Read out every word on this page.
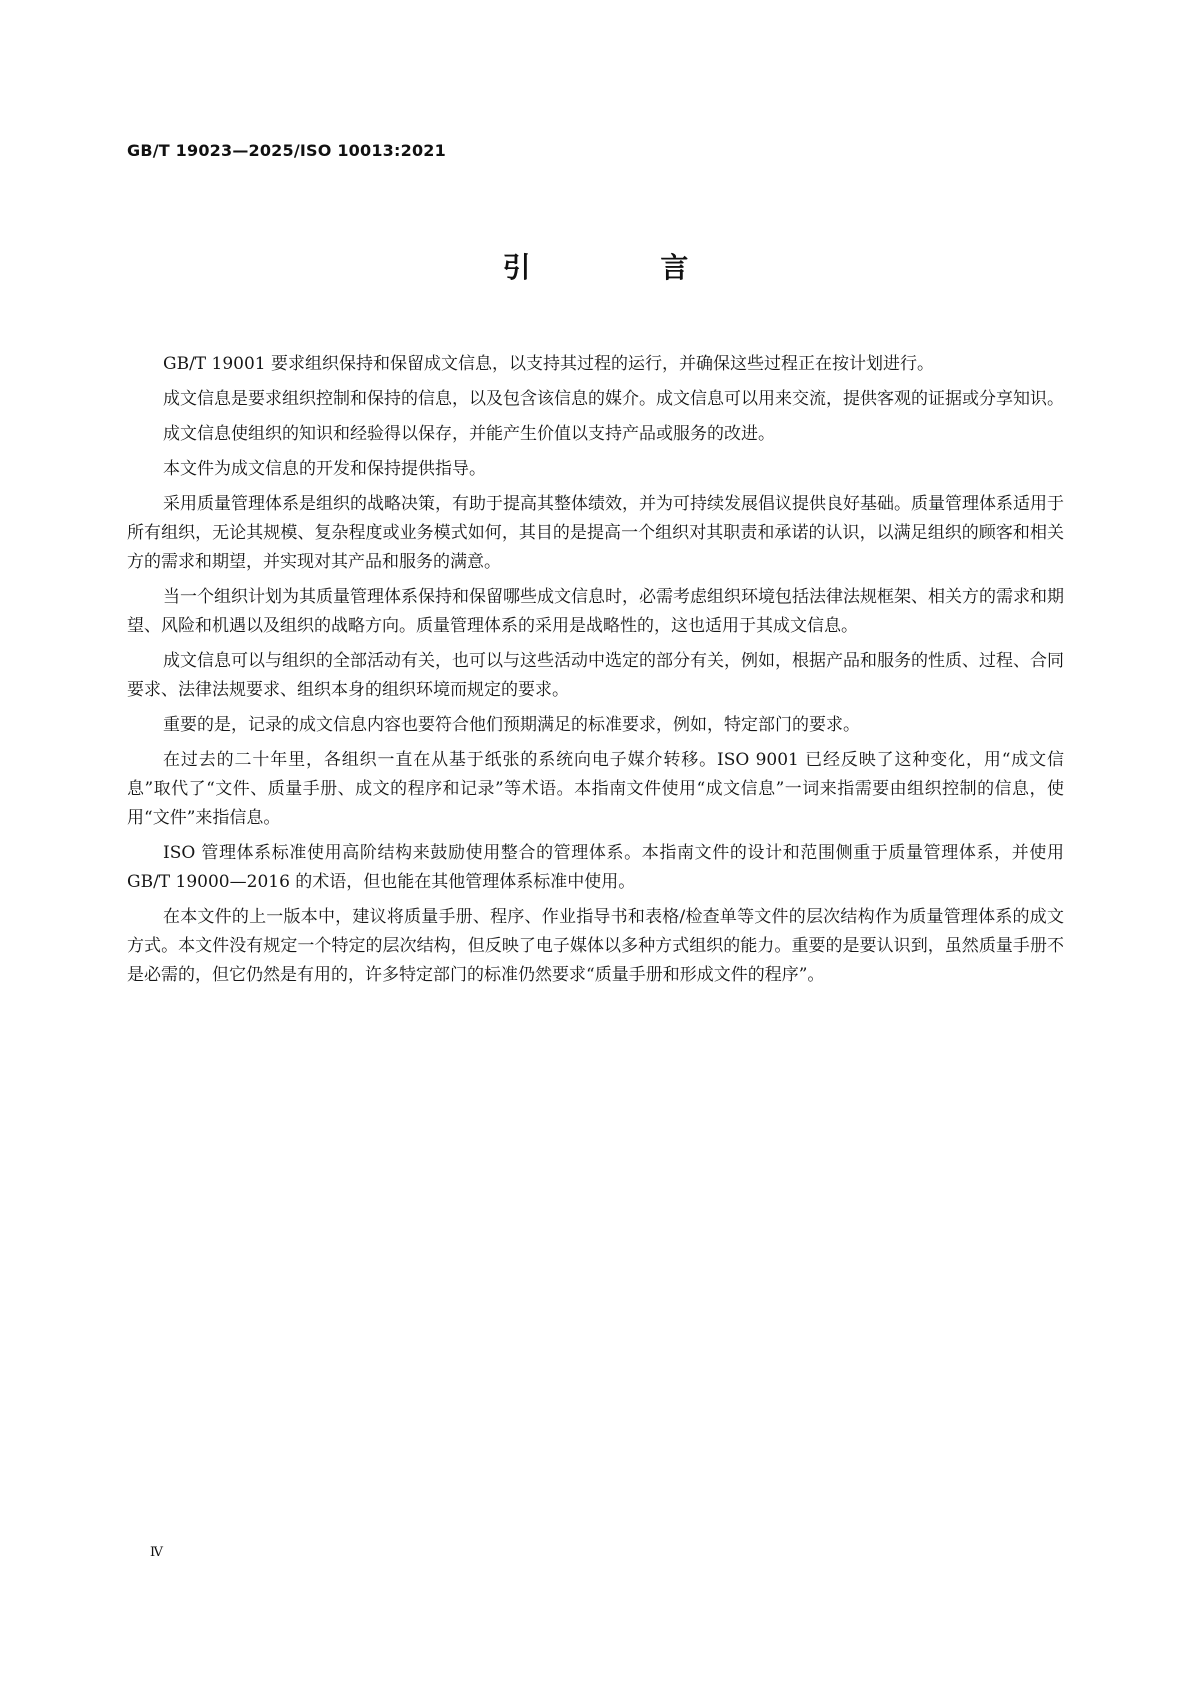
GB/T 19023—2025/ISO 10013:2021
引 言

GB/T 19001 要求组织保持和保留成文信息，以支持其过程的运行，并确保这些过程正在按计划进行。

成文信息是要求组织控制和保持的信息，以及包含该信息的媒介。成文信息可以用来交流，提供客观的证据或分享知识。

成文信息使组织的知识和经验得以保存，并能产生价值以支持产品或服务的改进。

本文件为成文信息的开发和保持提供指导。

采用质量管理体系是组织的战略决策，有助于提高其整体绩效，并为可持续发展倡议提供良好基础。质量管理体系适用于所有组织，无论其规模、复杂程度或业务模式如何，其目的是提高一个组织对其职责和承诺的认识，以满足组织的顾客和相关方的需求和期望，并实现对其产品和服务的满意。

当一个组织计划为其质量管理体系保持和保留哪些成文信息时，必需考虑组织环境包括法律法规框架、相关方的需求和期望、风险和机遇以及组织的战略方向。质量管理体系的采用是战略性的，这也适用于其成文信息。

成文信息可以与组织的全部活动有关，也可以与这些活动中选定的部分有关，例如，根据产品和服务的性质、过程、合同要求、法律法规要求、组织本身的组织环境而规定的要求。

重要的是，记录的成文信息内容也要符合他们预期满足的标准要求，例如，特定部门的要求。

在过去的二十年里，各组织一直在从基于纸张的系统向电子媒介转移。ISO 9001 已经反映了这种变化，用“成文信息”取代了“文件、质量手册、成文的程序和记录”等术语。本指南文件使用“成文信息”一词来指需要由组织控制的信息，使用“文件”来指信息。

ISO 管理体系标准使用高阶结构来鼓励使用整合的管理体系。本指南文件的设计和范围侧重于质量管理体系，并使用 GB/T 19000—2016 的术语，但也能在其他管理体系标准中使用。

在本文件的上一版本中，建议将质量手册、程序、作业指导书和表格/检查单等文件的层次结构作为质量管理体系的成文方式。本文件没有规定一个特定的层次结构，但反映了电子媒体以多种方式组织的能力。重要的是要认识到，虽然质量手册不是必需的，但它仍然是有用的，许多特定部门的标准仍然要求“质量手册和形成文件的程序”。

Ⅳ
